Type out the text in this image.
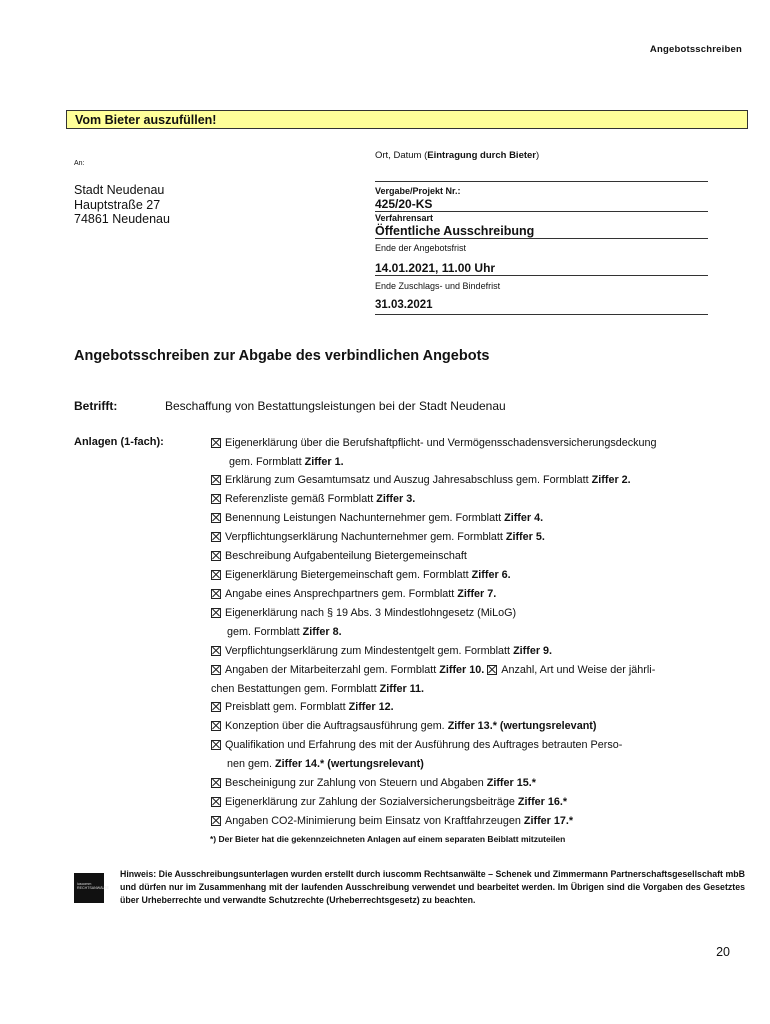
Angebotsschreiben
Vom Bieter auszufüllen!
An:
Stadt Neudenau
Hauptstraße 27
74861 Neudenau
Ort, Datum (Eintragung durch Bieter)
Vergabe/Projekt Nr.:
425/20-KS
Verfahrensart
Öffentliche Ausschreibung
Ende der Angebotsfrist
14.01.2021, 11.00 Uhr
Ende Zuschlags- und Bindefrist
31.03.2021
Angebotsschreiben zur Abgabe des verbindlichen Angebots
Betrifft:	Beschaffung von Bestattungsleistungen bei der Stadt Neudenau
Anlagen (1-fach):	Eigenerklärung über die Berufshaftpflicht- und Vermögensschadensversicherungsdeckung
gem. Formblatt Ziffer 1.
Erklärung zum Gesamtumsatz und Auszug Jahresabschluss gem. Formblatt Ziffer 2.
Referenzliste gemäß Formblatt Ziffer 3.
Benennung Leistungen Nachunternehmer gem. Formblatt Ziffer 4.
Verpflichtungserklärung Nachunternehmer gem. Formblatt Ziffer 5.
Beschreibung Aufgabenteilung Bietergemeinschaft
Eigenerklärung Bietergemeinschaft gem. Formblatt Ziffer 6.
Angabe eines Ansprechpartners gem. Formblatt Ziffer 7.
Eigenerklärung nach § 19 Abs. 3 Mindestlohngesetz (MiLoG)
gem. Formblatt Ziffer 8.
Verpflichtungserklärung zum Mindestentgelt gem. Formblatt Ziffer 9.
Angaben der Mitarbeiterzahl gem. Formblatt Ziffer 10. Anzahl, Art und Weise der jährli-
chen Bestattungen gem. Formblatt Ziffer 11.
Preisblatt gem. Formblatt Ziffer 12.
Konzeption über die Auftragsausführung gem. Ziffer 13.* (wertungsrelevant)
Qualifikation und Erfahrung des mit der Ausführung des Auftrages betrauten Perso-
nen gem. Ziffer 14.* (wertungsrelevant)
Bescheinigung zur Zahlung von Steuern und Abgaben Ziffer 15.*
Eigenerklärung zur Zahlung der Sozialversicherungsbeiträge Ziffer 16.*
Angaben CO2-Minimierung beim Einsatz von Kraftfahrzeugen Ziffer 17.*
*) Der Bieter hat die gekennzeichneten Anlagen auf einem separaten Beiblatt mitzuteilen
iuscomm RECHTSANWÄLTE
Hinweis: Die Ausschreibungsunterlagen wurden erstellt durch iuscomm Rechtsanwälte – Schenek und Zimmermann Partnerschaftsgesellschaft mbB und dürfen nur im Zusammenhang mit der laufenden Ausschreibung verwendet und bearbeitet werden. Im Übrigen sind die Vorgaben des Gesetztes über Urheberrechte und verwandte Schutzrechte (Urheberrechtsgesetz) zu beachten.
20
